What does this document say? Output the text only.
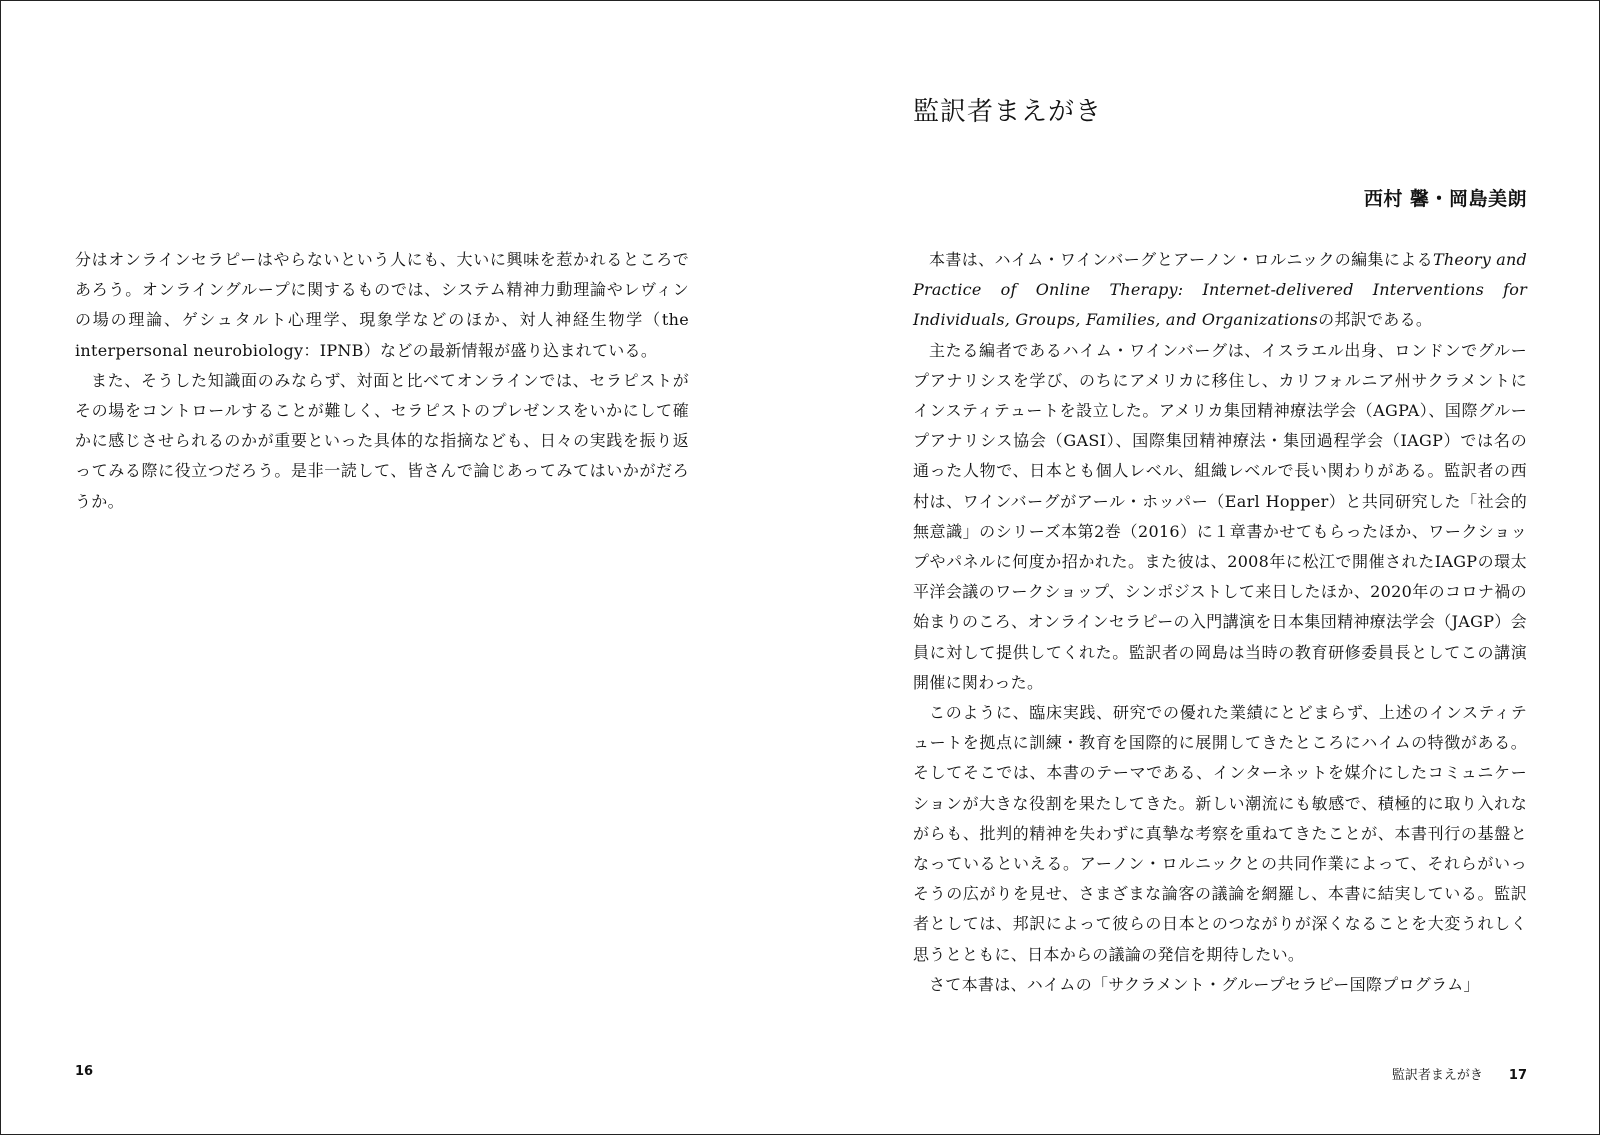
分はオンラインセラピーはやらないという人にも、大いに興味を惹かれるところであろう。オンライングループに関するものでは、システム精神力動理論やレヴィンの場の理論、ゲシュタルト心理学、現象学などのほか、対人神経生物学（the interpersonal neurobiology：IPNB）などの最新情報が盛り込まれている。

また、そうした知識面のみならず、対面と比べてオンラインでは、セラピストがその場をコントロールすることが難しく、セラピストのプレゼンスをいかにして確かに感じさせられるのかが重要といった具体的な指摘なども、日々の実践を振り返ってみる際に役立つだろう。是非一読して、皆さんで論じあってみてはいかがだろうか。

16
監訳者まえがき
西村 馨・岡島美朗

本書は、ハイム・ワインバーグとアーノン・ロルニックの編集によるTheory and Practice of Online Therapy: Internet-delivered Interventions for Individuals, Groups, Families, and Organizationsの邦訳である。

主たる編者であるハイム・ワインバーグは、イスラエル出身、ロンドンでグループアナリシスを学び、のちにアメリカに移住し、カリフォルニア州サクラメントにインスティテュートを設立した。アメリカ集団精神療法学会（AGPA）、国際グループアナリシス協会（GASI）、国際集団精神療法・集団過程学会（IAGP）では名の通った人物で、日本とも個人レベル、組織レベルで長い関わりがある。監訳者の西村は、ワインバーグがアール・ホッパー（Earl Hopper）と共同研究した「社会的無意識」のシリーズ本第2巻（2016）に１章書かせてもらったほか、ワークショップやパネルに何度か招かれた。また彼は、2008年に松江で開催されたIAGPの環太平洋会議のワークショップ、シンポジストして来日したほか、2020年のコロナ禍の始まりのころ、オンラインセラピーの入門講演を日本集団精神療法学会（JAGP）会員に対して提供してくれた。監訳者の岡島は当時の教育研修委員長としてこの講演開催に関わった。

このように、臨床実践、研究での優れた業績にとどまらず、上述のインスティテュートを拠点に訓練・教育を国際的に展開してきたところにハイムの特徴がある。そしてそこでは、本書のテーマである、インターネットを媒介にしたコミュニケーションが大きな役割を果たしてきた。新しい潮流にも敏感で、積極的に取り入れながらも、批判的精神を失わずに真摯な考察を重ねてきたことが、本書刊行の基盤となっているといえる。アーノン・ロルニックとの共同作業によって、それらがいっそうの広がりを見せ、さまざまな論客の議論を網羅し、本書に結実している。監訳者としては、邦訳によって彼らの日本とのつながりが深くなることを大変うれしく思うとともに、日本からの議論の発信を期待したい。

さて本書は、ハイムの「サクラメント・グループセラピー国際プログラム」

監訳者まえがき 17
